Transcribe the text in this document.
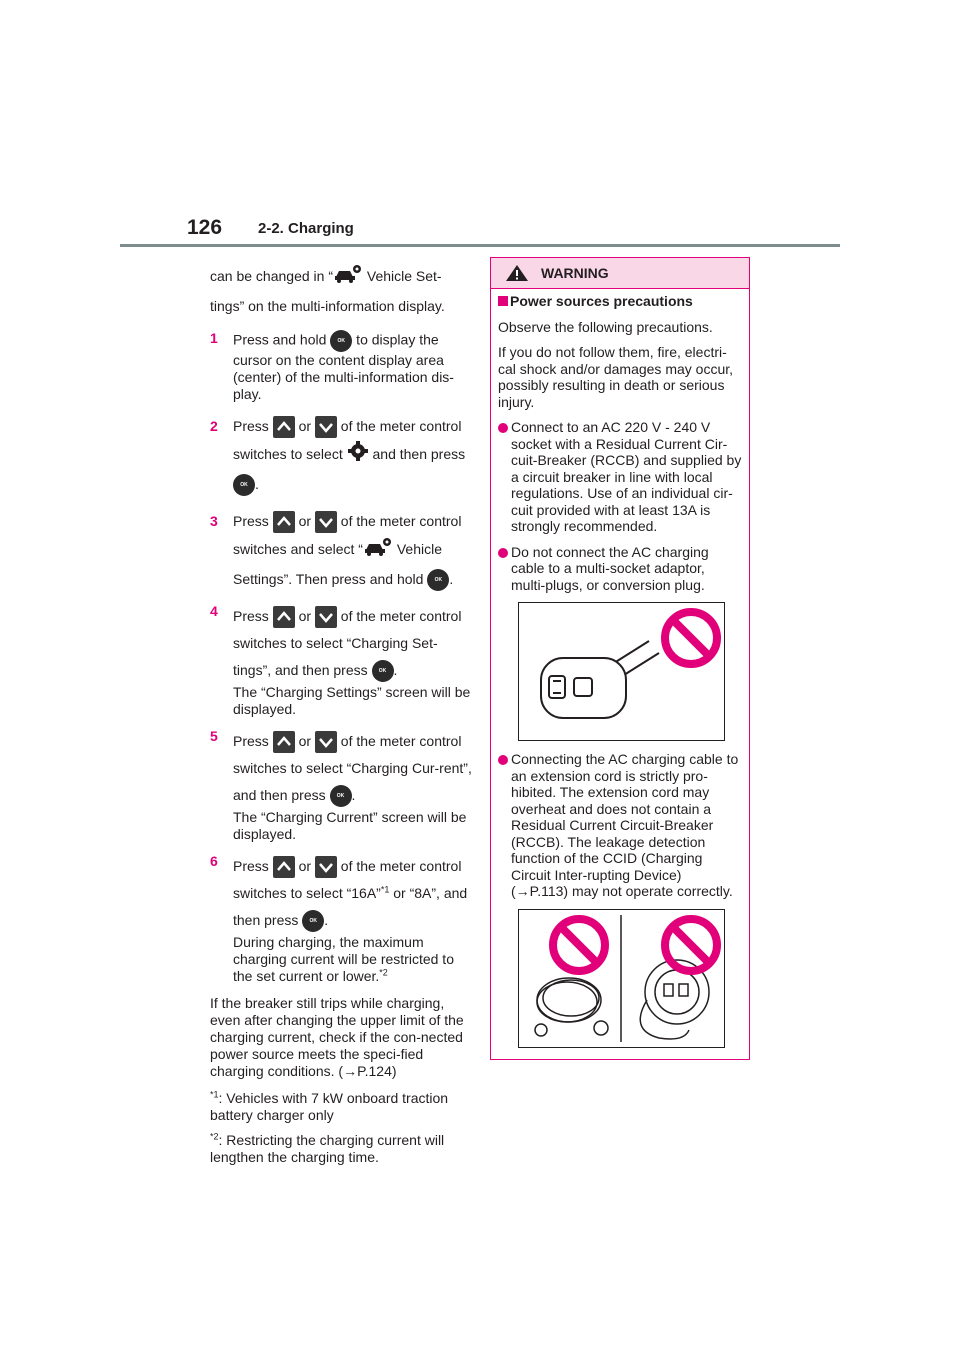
126 2-2. Charging

can be changed in “ Vehicle Set-tings” on the multi-information display.

1 Press and hold OK to display the cursor on the content display area (center) of the multi-information dis-play.
2 Press
or
of the meter control switches to select  and then press OK .
3 Press
or
of the meter control switches and select “ Vehicle Settings”. Then press and hold OK .
4 Press
or
of the meter control switches to select “Charging Set-tings”, and then press OK .
The “Charging Settings” screen will be displayed.
5 Press
or
of the meter control switches to select “Charging Cur-rent”, and then press OK .
The “Charging Current” screen will be displayed.
6 Press
or
of the meter control switches to select “16A”$^{*1}$ or “8A”, and then press OK .
During charging, the maximum charging current will be restricted to the set current or lower.$^{*2}$

If the breaker still trips while charging, even after changing the upper limit of the charging current, check if the con-nected power source meets the speci-fied charging conditions. (→P.124)

$^{*1}$: Vehicles with 7 kW onboard traction battery charger only
$^{*2}$: Restricting the charging current will lengthen the charging time.
WARNING

Power sources precautions

Observe the following precautions.

If you do not follow them, fire, electri-cal shock and/or damages may occur, possibly resulting in death or serious injury.

Connect to an AC 220 V - 240 V socket with a Residual Current Cir-cuit-Breaker (RCCB) and supplied by a circuit breaker in line with local regulations. Use of an individual cir-cuit provided with at least 13A is strongly recommended.
Do not connect the AC charging cable to a multi-socket adaptor, multi-plugs, or conversion plug.
Connecting the AC charging cable to an extension cord is strictly pro-hibited. The extension cord may overheat and does not contain a Residual Current Circuit-Breaker (RCCB). The leakage detection function of the CCID (Charging Circuit Inter-rupting Device) (→P.113) may not operate correctly.
